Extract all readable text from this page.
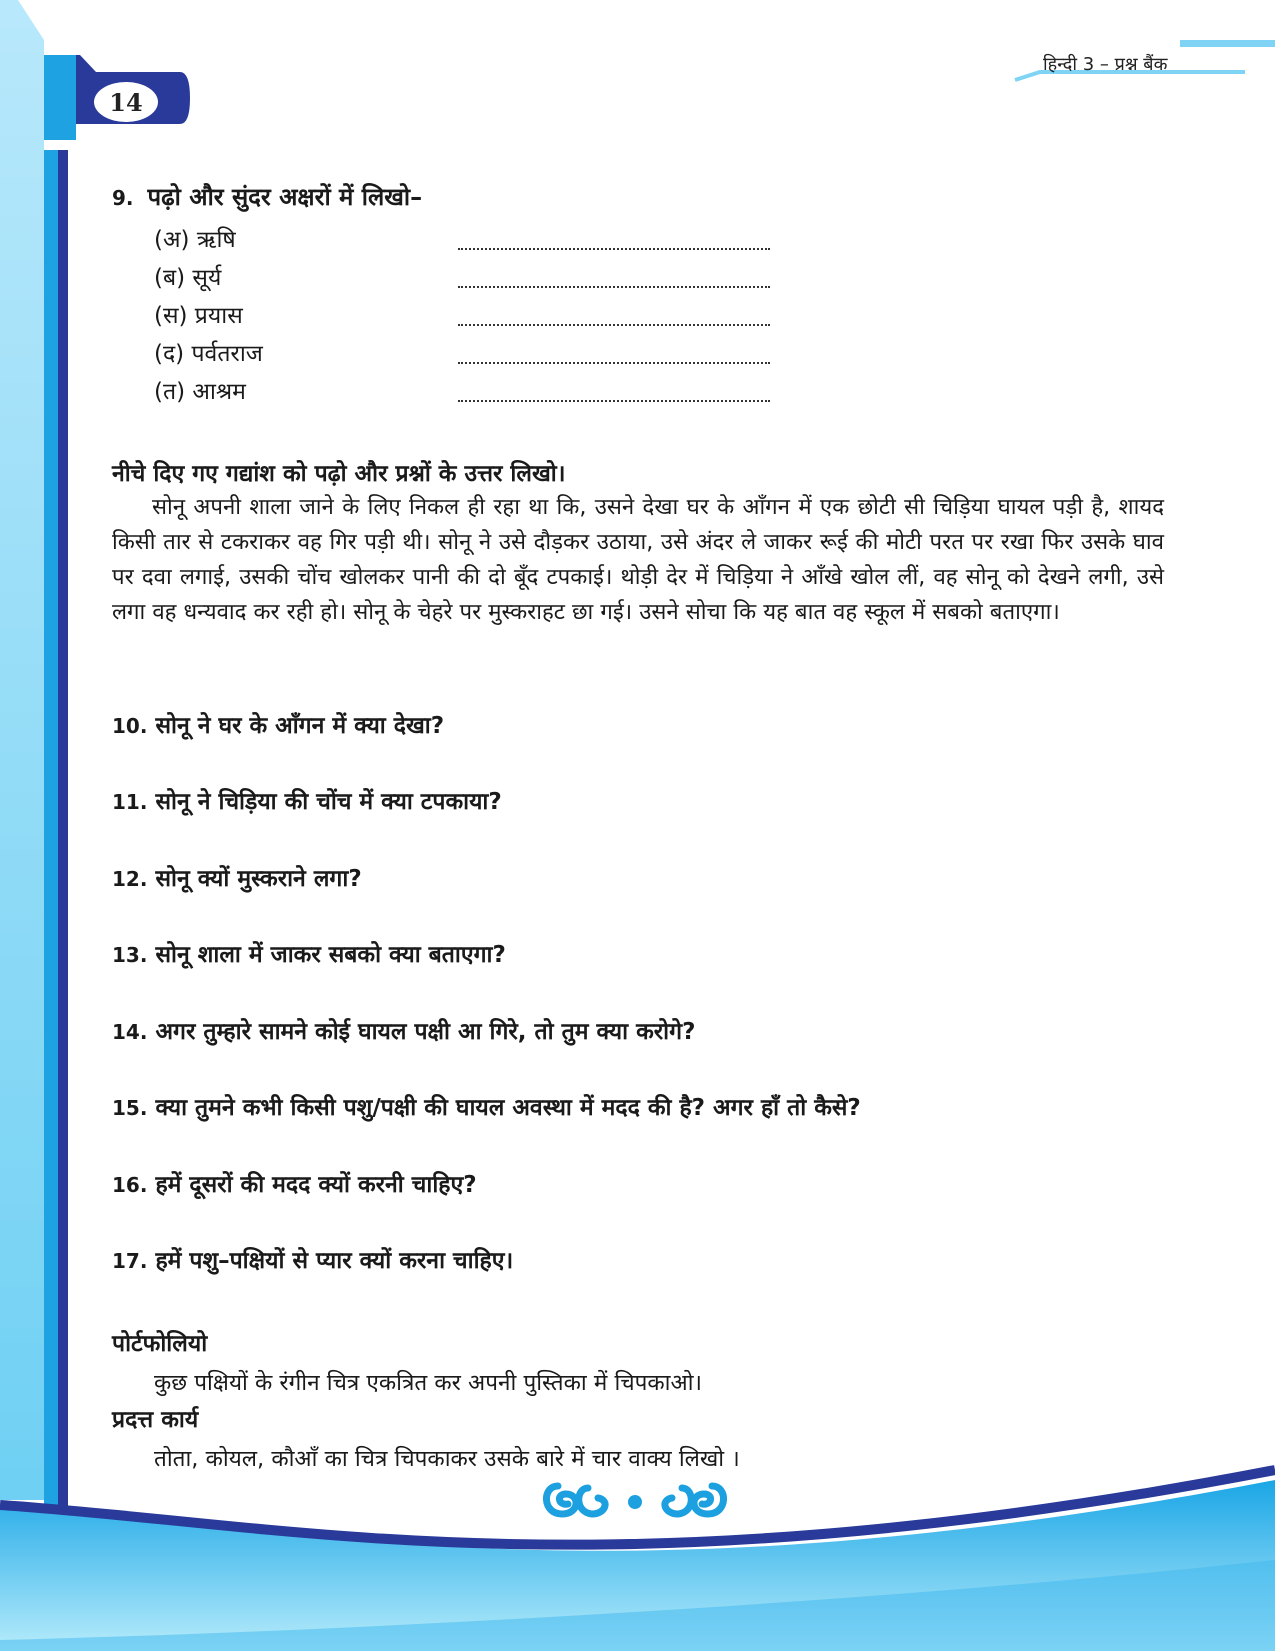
हिन्दी 3 – प्रश्न बैंक
14
9. पढ़ो और सुंदर अक्षरों में लिखो–
(अ) ऋषि
(ब) सूर्य
(स) प्रयास
(द) पर्वतराज
(त) आश्रम
नीचे दिए गए गद्यांश को पढ़ो और प्रश्नों के उत्तर लिखो।
सोनू अपनी शाला जाने के लिए निकल ही रहा था कि, उसने देखा घर के आँगन में एक छोटी सी चिड़िया घायल पड़ी है, शायद किसी तार से टकराकर वह गिर पड़ी थी। सोनू ने उसे दौड़कर उठाया, उसे अंदर ले जाकर रूई की मोटी परत पर रखा फिर उसके घाव पर दवा लगाई, उसकी चोंच खोलकर पानी की दो बूँद टपकाई। थोड़ी देर में चिड़िया ने आँखे खोल लीं, वह सोनू को देखने लगी, उसे लगा वह धन्यवाद कर रही हो। सोनू के चेहरे पर मुस्कराहट छा गई। उसने सोचा कि यह बात वह स्कूल में सबको बताएगा।
10. सोनू ने घर के आँगन में क्या देखा?
11. सोनू ने चिड़िया की चोंच में क्या टपकाया?
12. सोनू क्यों मुस्कराने लगा?
13. सोनू शाला में जाकर सबको क्या बताएगा?
14. अगर तुम्हारे सामने कोई घायल पक्षी आ गिरे, तो तुम क्या करोगे?
15. क्या तुमने कभी किसी पशु/पक्षी की घायल अवस्था में मदद की है? अगर हाँ तो कैसे?
16. हमें दूसरों की मदद क्यों करनी चाहिए?
17. हमें पशु–पक्षियों से प्यार क्यों करना चाहिए।
पोर्टफोलियो
कुछ पक्षियों के रंगीन चित्र एकत्रित कर अपनी पुस्तिका में चिपकाओ।
प्रदत्त कार्य
तोता, कोयल, कौआँ का चित्र चिपकाकर उसके बारे में चार वाक्य लिखो ।
